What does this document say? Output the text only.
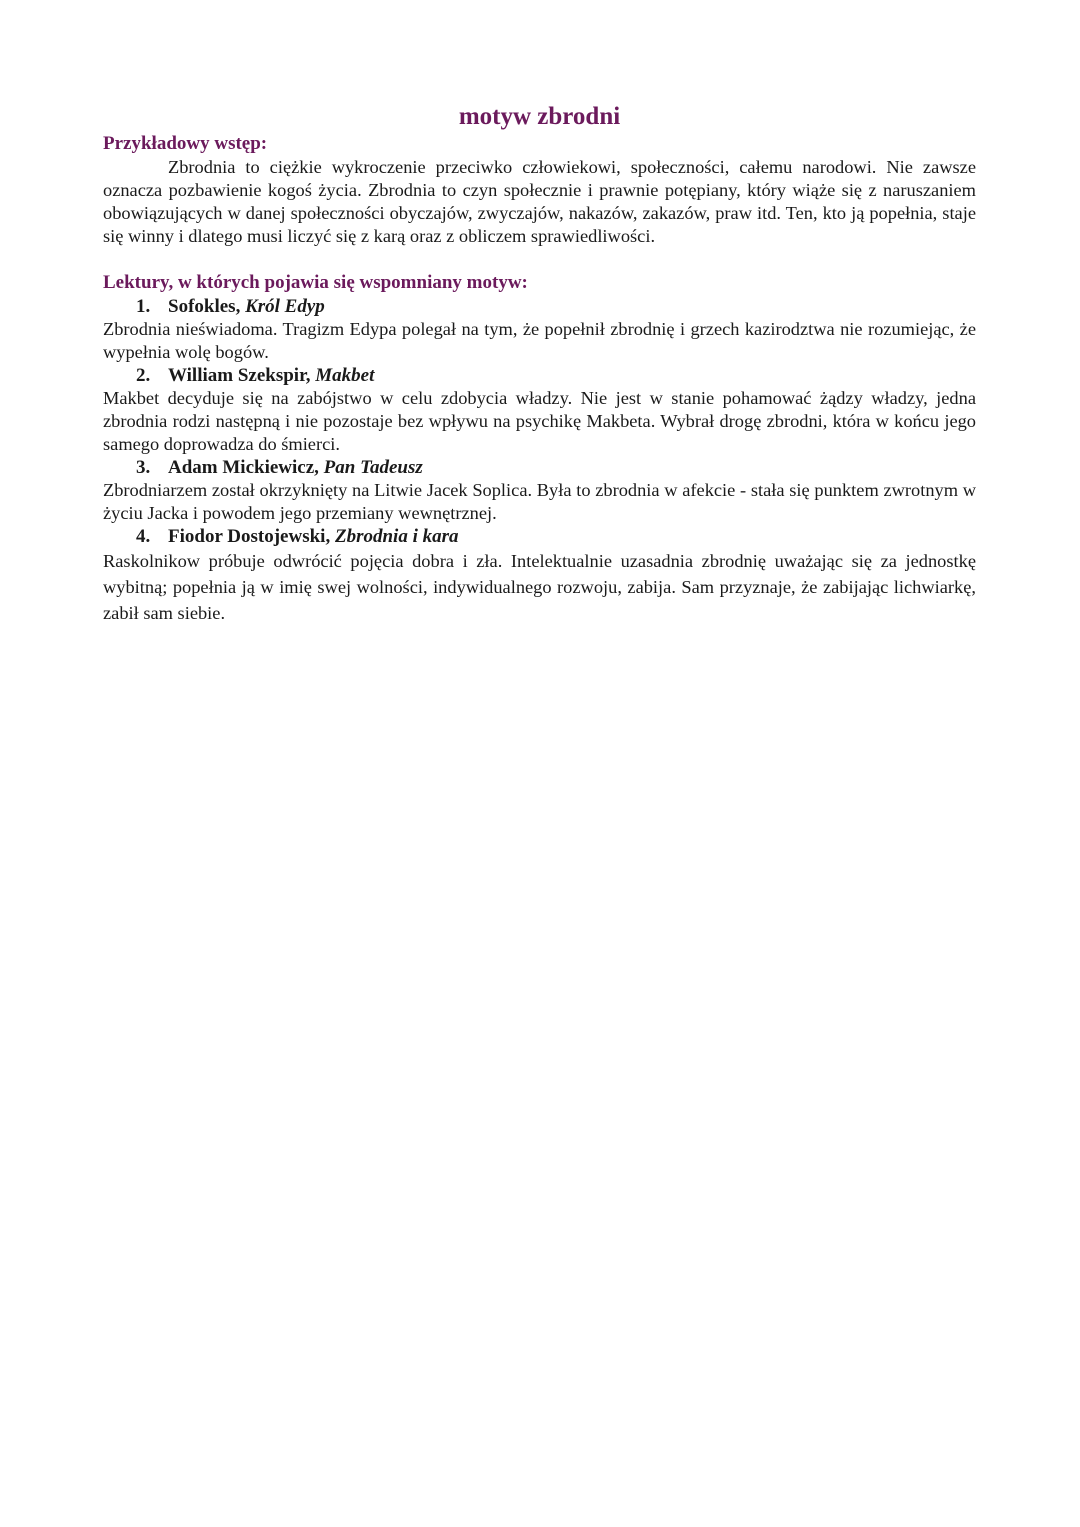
motyw zbrodni

Przykładowy wstęp:

Zbrodnia to ciężkie wykroczenie przeciwko człowiekowi, społeczności, całemu narodowi. Nie zawsze oznacza pozbawienie kogoś życia. Zbrodnia to czyn społecznie i prawnie potępiany, który wiąże się z naruszaniem obowiązujących w danej społeczności obyczajów, zwyczajów, nakazów, zakazów, praw itd. Ten, kto ją popełnia, staje się winny i dlatego musi liczyć się z karą oraz z obliczem sprawiedliwości.

Lektury, w których pojawia się wspomniany motyw:

1. Sofokles, Król Edyp

Zbrodnia nieświadoma. Tragizm Edypa polegał na tym, że popełnił zbrodnię i grzech kazirodztwa nie rozumiejąc, że wypełnia wolę bogów.

2. William Szekspir, Makbet

Makbet decyduje się na zabójstwo w celu zdobycia władzy. Nie jest w stanie pohamować żądzy władzy, jedna zbrodnia rodzi następną i nie pozostaje bez wpływu na psychikę Makbeta. Wybrał drogę zbrodni, która w końcu jego samego doprowadza do śmierci.

3. Adam Mickiewicz, Pan Tadeusz

Zbrodniarzem został okrzyknięty na Litwie Jacek Soplica. Była to zbrodnia w afekcie - stała się punktem zwrotnym w życiu Jacka i powodem jego przemiany wewnętrznej.

4. Fiodor Dostojewski, Zbrodnia i kara

Raskolnikow próbuje odwrócić pojęcia dobra i zła. Intelektualnie uzasadnia zbrodnię uważając się za jednostkę wybitną; popełnia ją w imię swej wolności, indywidualnego rozwoju, zabija. Sam przyznaje, że zabijając lichwiarkę, zabił sam siebie.
